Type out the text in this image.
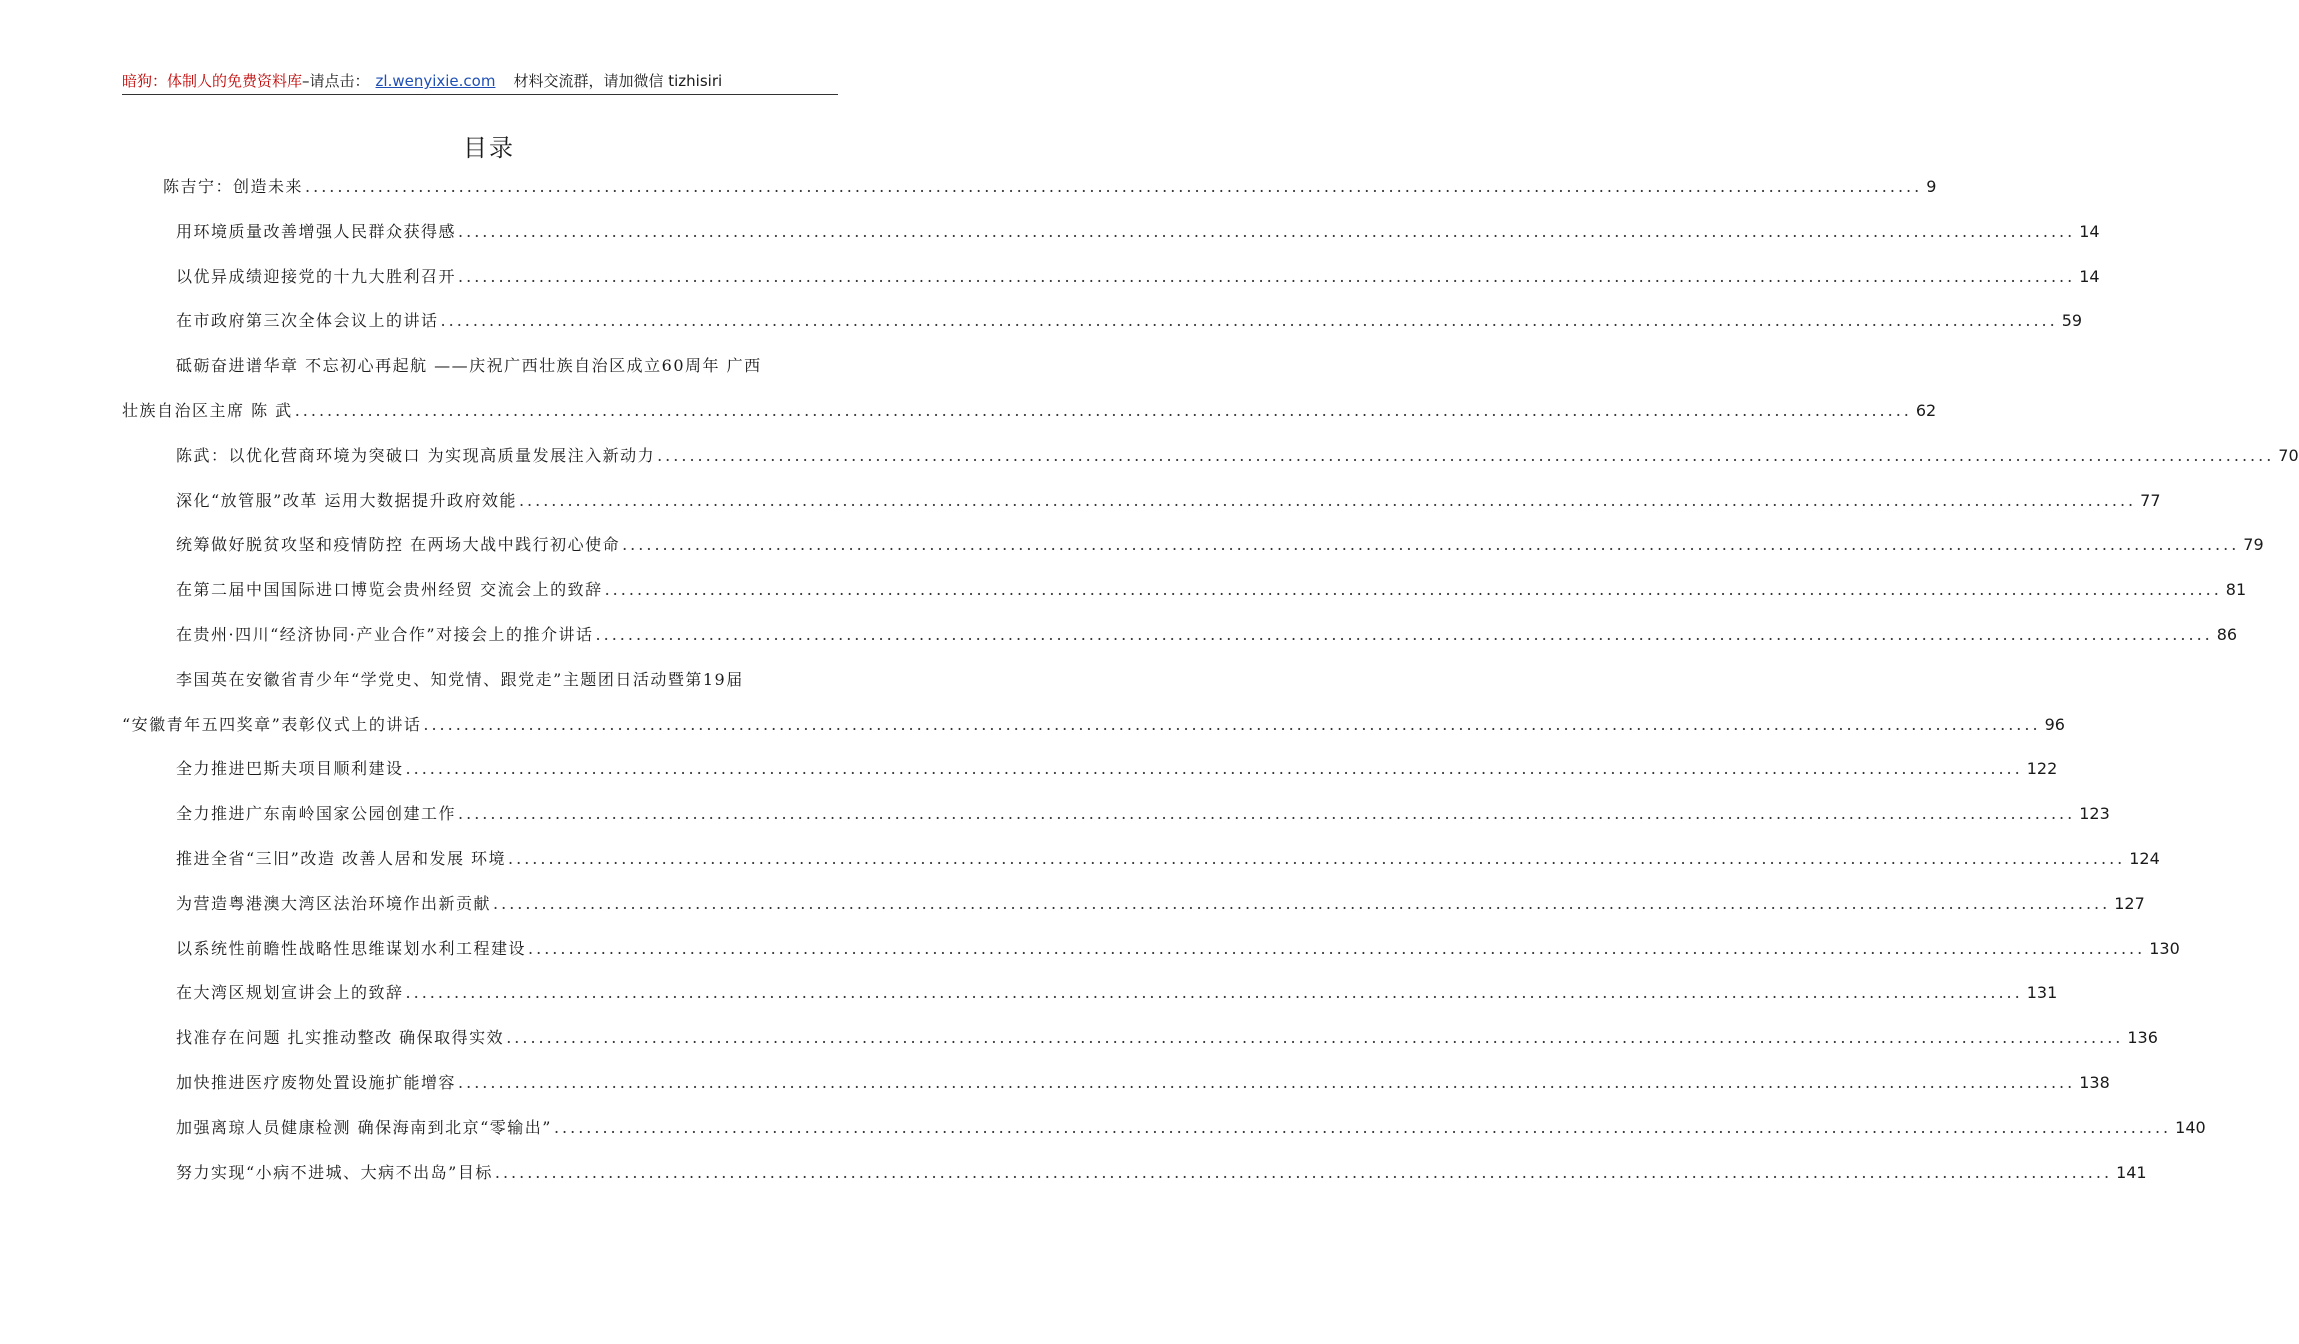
暗狗：体制人的免费资料库–请点击： zl.wenyixie.com 材料交流群，请加微信 tizhisiri
目录
陈吉宁：创造未来 ........................................................................................................................................................................................................ 9
用环境质量改善增强人民群众获得感 ........................................................................................................................................................................................................ 14
以优异成绩迎接党的十九大胜利召开 ........................................................................................................................................................................................................ 14
在市政府第三次全体会议上的讲话 ........................................................................................................................................................................................................ 59
砥砺奋进谱华章 不忘初心再起航 ——庆祝广西壮族自治区成立60周年 广西
壮族自治区主席 陈 武 ........................................................................................................................................................................................................ 62
陈武：以优化营商环境为突破口 为实现高质量发展注入新动力 ........................................................................................................................................................................................................ 70
深化“放管服”改革 运用大数据提升政府效能 ........................................................................................................................................................................................................ 77
统筹做好脱贫攻坚和疫情防控 在两场大战中践行初心使命 ........................................................................................................................................................................................................ 79
在第二届中国国际进口博览会贵州经贸 交流会上的致辞 ........................................................................................................................................................................................................ 81
在贵州·四川“经济协同·产业合作”对接会上的推介讲话 ........................................................................................................................................................................................................ 86
李国英在安徽省青少年“学党史、知党情、跟党走”主题团日活动暨第19届
“安徽青年五四奖章”表彰仪式上的讲话 ........................................................................................................................................................................................................ 96
全力推进巴斯夫项目顺利建设 ........................................................................................................................................................................................................ 122
全力推进广东南岭国家公园创建工作 ........................................................................................................................................................................................................ 123
推进全省“三旧”改造 改善人居和发展 环境 ........................................................................................................................................................................................................ 124
为营造粤港澳大湾区法治环境作出新贡献 ........................................................................................................................................................................................................ 127
以系统性前瞻性战略性思维谋划水利工程建设 ........................................................................................................................................................................................................ 130
在大湾区规划宣讲会上的致辞 ........................................................................................................................................................................................................ 131
找准存在问题 扎实推动整改 确保取得实效 ........................................................................................................................................................................................................ 136
加快推进医疗废物处置设施扩能增容 ........................................................................................................................................................................................................ 138
加强离琼人员健康检测 确保海南到北京“零输出” ........................................................................................................................................................................................................ 140
努力实现“小病不进城、大病不出岛”目标 ........................................................................................................................................................................................................ 141
